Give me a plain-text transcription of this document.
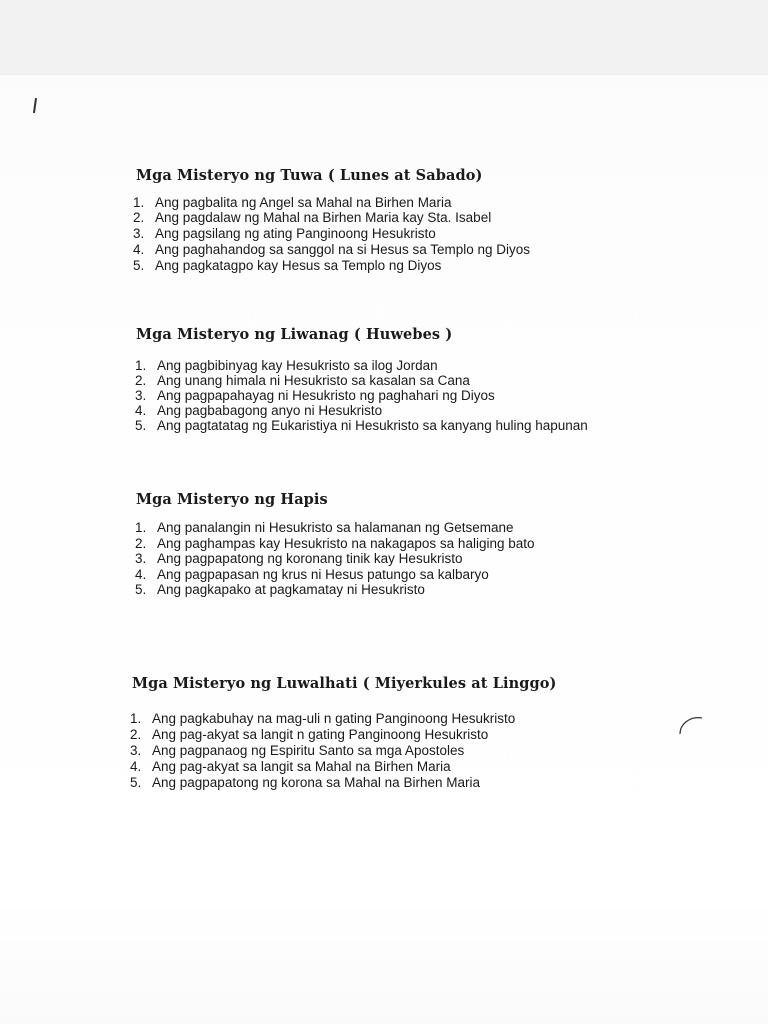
Mga Misteryo ng Tuwa ( Lunes at Sabado)
1. Ang pagbalita ng Angel sa Mahal na Birhen Maria
2. Ang pagdalaw ng Mahal na Birhen Maria kay Sta. Isabel
3. Ang pagsilang ng ating Panginoong Hesukristo
4. Ang paghahandog sa sanggol na si Hesus sa Templo ng Diyos
5. Ang pagkatagpo kay Hesus sa Templo ng Diyos
Mga Misteryo ng Liwanag ( Huwebes )
1. Ang pagbibinyag kay Hesukristo sa ilog Jordan
2. Ang unang himala ni Hesukristo sa kasalan sa Cana
3. Ang pagpapahayag ni Hesukristo ng paghahari ng Diyos
4. Ang pagbabagong anyo ni Hesukristo
5. Ang pagtatatag ng Eukaristiya ni Hesukristo sa kanyang huling hapunan
Mga Misteryo ng Hapis
1. Ang panalangin ni Hesukristo sa halamanan ng Getsemane
2. Ang paghampas kay Hesukristo na nakagapos sa haliging bato
3. Ang pagpapatong ng koronang tinik kay Hesukristo
4. Ang pagpapasan ng krus ni Hesus patungo sa kalbaryo
5. Ang pagkapako at pagkamatay ni Hesukristo
Mga Misteryo ng Luwalhati ( Miyerkules at Linggo)
1. Ang pagkabuhay na mag-uli n gating Panginoong Hesukristo
2. Ang pag-akyat sa langit n gating Panginoong Hesukristo
3. Ang pagpanaog ng Espiritu Santo sa mga Apostoles
4. Ang pag-akyat sa langit sa Mahal na Birhen Maria
5. Ang pagpapatong ng korona sa Mahal na Birhen Maria
